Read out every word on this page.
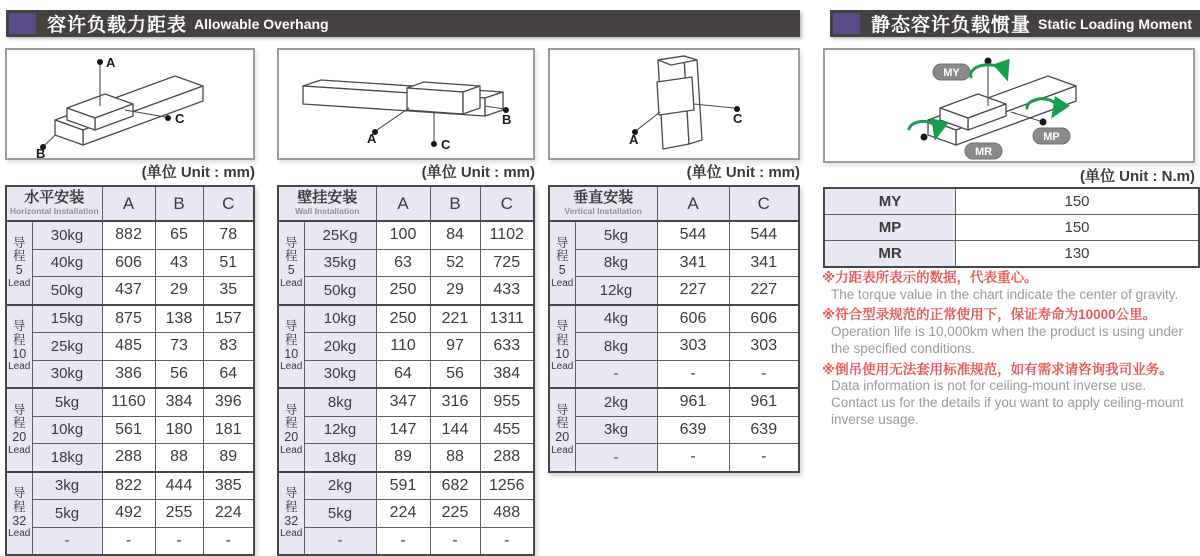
容许负载力距表 Allowable Overhang	静态容许负载惯量 Static Loading Moment
A
B
C
A	C
B
A
C
MY
MP
MR
(单位 Unit : mm)	(单位 Unit : mm)	(单位 Unit : mm)	(单位 Unit : N.m)
水平安装
Horizontal Installation		A	B	C

导
程
5
Lead	30kg	882	65	78
	40kg	606	43	51
	50kg	437	29	35

导
程
10
Lead	15kg	875	138	157
	25kg	485	73	83
	30kg	386	56	64

导
程
20
Lead	5kg	1160	384	396
	10kg	561	180	181
	18kg	288	88	89

导
程
32
Lead	3kg	822	444	385
	5kg	492	255	224
	-	-	-	-
壁挂安装
Wall Installation		A	B	C

导
程
5
Lead	25Kg	100	84	1102
	35kg	63	52	725
	50kg	250	29	433

导
程
10
Lead	10kg	250	221	1311
	20kg	110	97	633
	30kg	64	56	384

导
程
20
Lead	8kg	347	316	955
	12kg	147	144	455
	18kg	89	88	288

导
程
32
Lead	2kg	591	682	1256
	5kg	224	225	488
	-	-	-	-
垂直安装
Vertical Installation		A	C

导
程
5
Lead	5kg	544	544
	8kg	341	341
	12kg	227	227

导
程
10
Lead	4kg	606	606
	8kg	303	303
	-	-	-

导
程
20
Lead	2kg	961	961
	3kg	639	639
	-	-	-
MY	150
MP	150
MR	130
※力距表所表示的数据，代表重心。
The torque value in the chart indicate the center of gravity.
※符合型录规范的正常使用下，保证寿命为10000公里。
Operation life is 10,000km when the product is using under the specified conditions.
※倒吊使用无法套用标准规范，如有需求请咨询我司业务。
Data information is not for ceiling-mount inverse use.
Contact us for the details if you want to apply ceiling-mount inverse usage.
